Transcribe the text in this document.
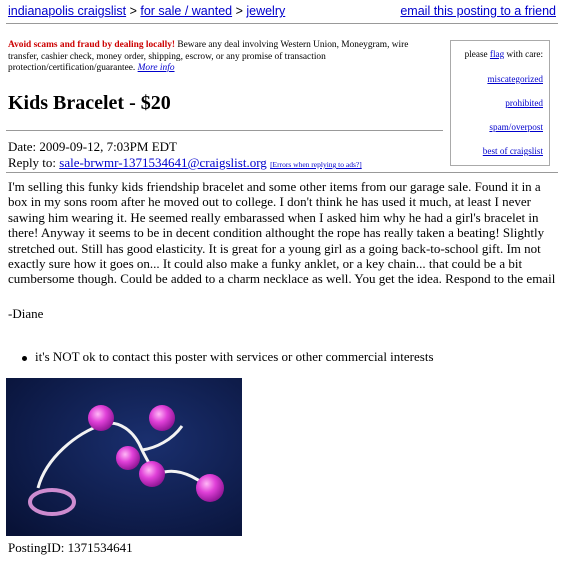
indianapolis craigslist > for sale / wanted > jewelry	email this posting to a friend
Avoid scams and fraud by dealing locally! Beware any deal involving Western Union, Moneygram, wire transfer, cashier check, money order, shipping, escrow, or any promise of transaction protection/certification/guarantee. More info
please flag with care:
miscategorized
prohibited
spam/overpost
best of craigslist
Kids Bracelet - $20
Date: 2009-09-12, 7:03PM EDT
Reply to: sale-brwmr-1371534641@craigslist.org [Errors when replying to ads?]
I'm selling this funky kids friendship bracelet and some other items from our garage sale. Found it in a box in my sons room after he moved out to college. I don't think he has used it much, at least I never sawing him wearing it. He seemed really embarassed when I asked him why he had a girl's bracelet in there! Anyway it seems to be in decent condition althought the rope has really taken a beating! Slightly stretched out. Still has good elasticity. It is great for a young girl as a going back-to-school gift. Im not exactly sure how it goes on... It could also make a funky anklet, or a key chain... that could be a bit cumbersome though. Could be added to a charm necklace as well. You get the idea. Respond to the email
-Diane
it's NOT ok to contact this poster with services or other commercial interests
PostingID: 1371534641
